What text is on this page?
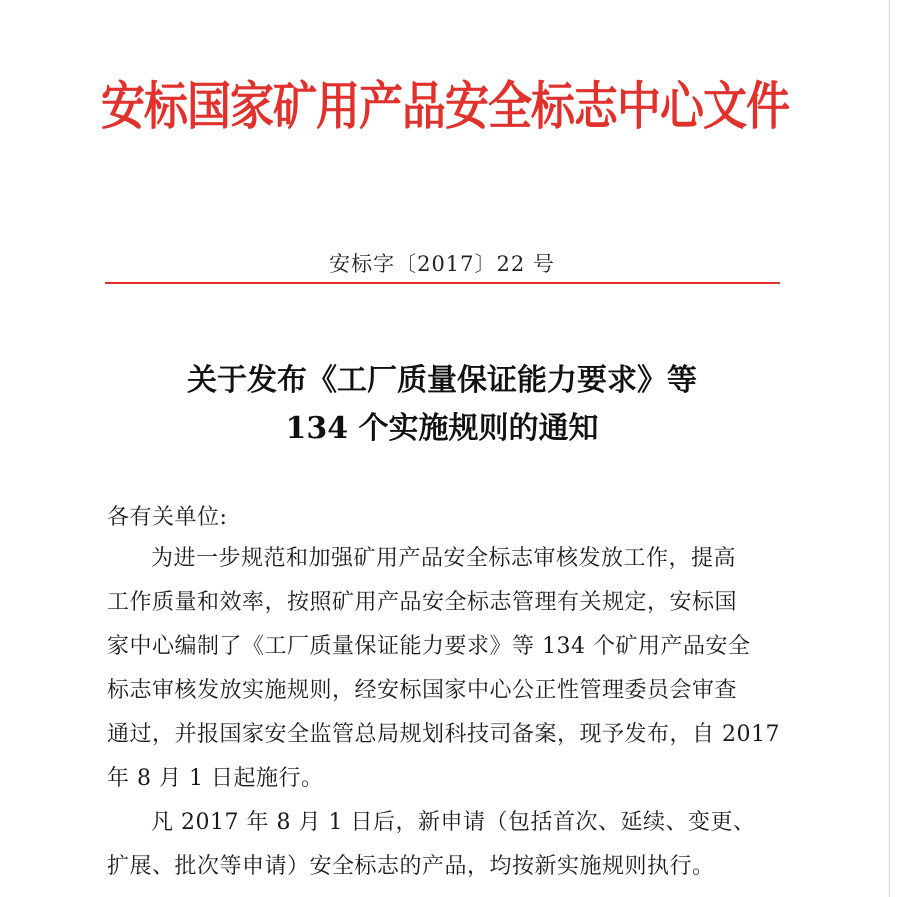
安标国家矿用产品安全标志中心文件
安标字〔2017〕22 号
关于发布《工厂质量保证能力要求》等
134 个实施规则的通知
各有关单位:
为进一步规范和加强矿用产品安全标志审核发放工作，提高
工作质量和效率，按照矿用产品安全标志管理有关规定，安标国
家中心编制了《工厂质量保证能力要求》等 134 个矿用产品安全
标志审核发放实施规则，经安标国家中心公正性管理委员会审查
通过，并报国家安全监管总局规划科技司备案，现予发布，自 2017
年 8 月 1 日起施行。
凡 2017 年 8 月 1 日后，新申请（包括首次、延续、变更、
扩展、批次等申请）安全标志的产品，均按新实施规则执行。
